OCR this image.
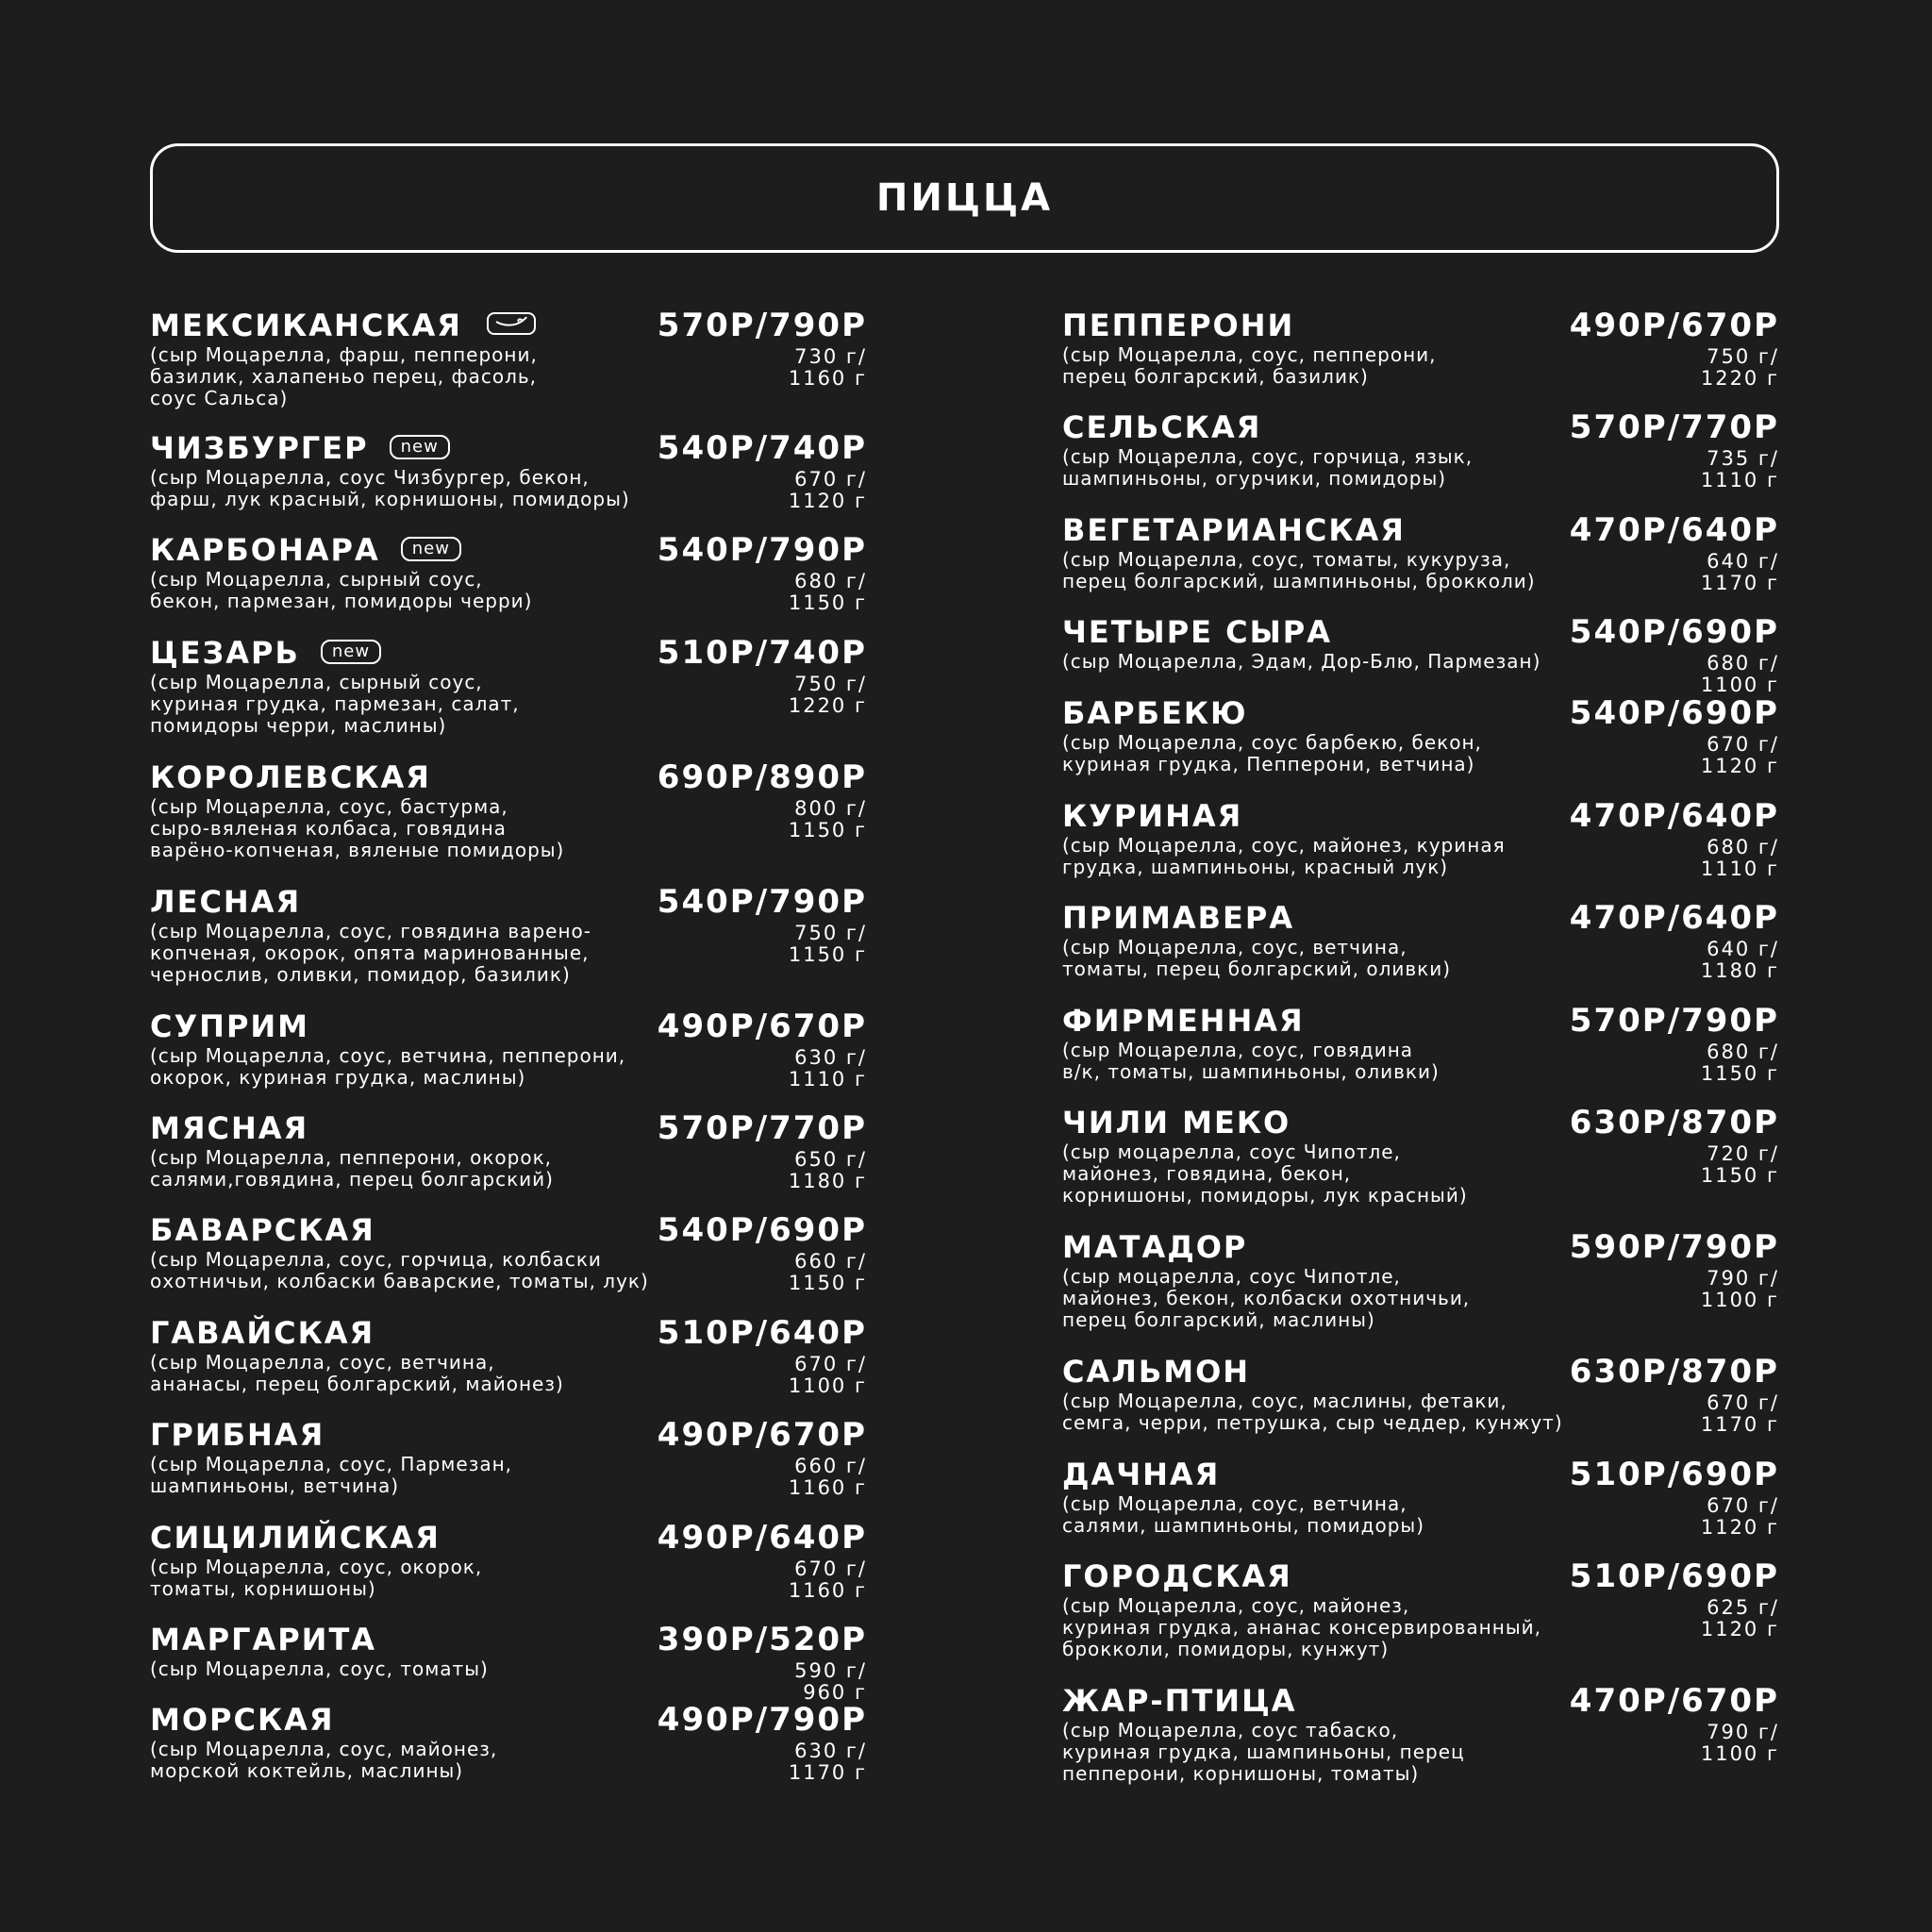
ПИЦЦА
МЕКСИКАНСКАЯ	570Р/790Р
(сыр Моцарелла, фарш, пепперони,
базилик, халапеньо перец, фасоль,
соус Сальса)
730 г/
1160 г
ЧИЗБУРГЕР new	540Р/740Р
(сыр Моцарелла, соус Чизбургер, бекон,
фарш, лук красный, корнишоны, помидоры)
670 г/
1120 г
КАРБОНАРА new	540Р/790Р
(сыр Моцарелла, сырный соус,
бекон, пармезан, помидоры черри)
680 г/
1150 г
ЦЕЗАРЬ new	510Р/740Р
(сыр Моцарелла, сырный соус,
куриная грудка, пармезан, салат,
помидоры черри, маслины)
750 г/
1220 г
КОРОЛЕВСКАЯ	690Р/890Р
(сыр Моцарелла, соус, бастурма,
сыро-вяленая колбаса, говядина
варёно-копченая, вяленые помидоры)
800 г/
1150 г
ЛЕСНАЯ	540Р/790Р
(сыр Моцарелла, соус, говядина варено-
копченая, окорок, опята маринованные,
чернослив, оливки, помидор, базилик)
750 г/
1150 г
СУПРИМ	490Р/670Р
(сыр Моцарелла, соус, ветчина, пепперони,
окорок, куриная грудка, маслины)
630 г/
1110 г
МЯСНАЯ	570Р/770Р
(сыр Моцарелла, пепперони, окорок,
салями,говядина, перец болгарский)
650 г/
1180 г
БАВАРСКАЯ	540Р/690Р
(сыр Моцарелла, соус, горчица, колбаски
охотничьи, колбаски баварские, томаты, лук)
660 г/
1150 г
ГАВАЙСКАЯ	510Р/640Р
(сыр Моцарелла, соус, ветчина,
ананасы, перец болгарский, майонез)
670 г/
1100 г
ГРИБНАЯ	490Р/670Р
(сыр Моцарелла, соус, Пармезан,
шампиньоны, ветчина)
660 г/
1160 г
СИЦИЛИЙСКАЯ	490Р/640Р
(сыр Моцарелла, соус, окорок,
томаты, корнишоны)
670 г/
1160 г
МАРГАРИТА	390Р/520Р
(сыр Моцарелла, соус, томаты)	590 г/
960 г
МОРСКАЯ	490Р/790Р
(сыр Моцарелла, соус, майонез,
морской коктейль, маслины)
630 г/
1170 г
ПЕППЕРОНИ	490Р/670Р
(сыр Моцарелла, соус, пепперони,
перец болгарский, базилик)
750 г/
1220 г
СЕЛЬСКАЯ	570Р/770Р
(сыр Моцарелла, соус, горчица, язык,
шампиньоны, огурчики, помидоры)
735 г/
1110 г
ВЕГЕТАРИАНСКАЯ	470Р/640Р
(сыр Моцарелла, соус, томаты, кукуруза,
перец болгарский, шампиньоны, брокколи)
640 г/
1170 г
ЧЕТЫРЕ СЫРА	540Р/690Р
(сыр Моцарелла, Эдам, Дор-Блю, Пармезан)	680 г/
1100 г
БАРБЕКЮ	540Р/690Р
(сыр Моцарелла, соус барбекю, бекон,
куриная грудка, Пепперони, ветчина)
670 г/
1120 г
КУРИНАЯ	470Р/640Р
(сыр Моцарелла, соус, майонез, куриная
грудка, шампиньоны, красный лук)
680 г/
1110 г
ПРИМАВЕРА	470Р/640Р
(сыр Моцарелла, соус, ветчина,
томаты, перец болгарский, оливки)
640 г/
1180 г
ФИРМЕННАЯ	570Р/790Р
(сыр Моцарелла, соус, говядина
в/к, томаты, шампиньоны, оливки)
680 г/
1150 г
ЧИЛИ МЕКО	630Р/870Р
(сыр моцарелла, соус Чипотле,
майонез, говядина, бекон,
корнишоны, помидоры, лук красный)
720 г/
1150 г
МАТАДОР	590Р/790Р
(сыр моцарелла, соус Чипотле,
майонез, бекон, колбаски охотничьи,
перец болгарский, маслины)
790 г/
1100 г
САЛЬМОН	630Р/870Р
(сыр Моцарелла, соус, маслины, фетаки,
семга, черри, петрушка, сыр чеддер, кунжут)
670 г/
1170 г
ДАЧНАЯ	510Р/690Р
(сыр Моцарелла, соус, ветчина,
салями, шампиньоны, помидоры)
670 г/
1120 г
ГОРОДСКАЯ	510Р/690Р
(сыр Моцарелла, соус, майонез,
куриная грудка, ананас консервированный,
брокколи, помидоры, кунжут)
625 г/
1120 г
ЖАР-ПТИЦА	470Р/670Р
(сыр Моцарелла, соус табаско,
куриная грудка, шампиньоны, перец
пепперони, корнишоны, томаты)
790 г/
1100 г
